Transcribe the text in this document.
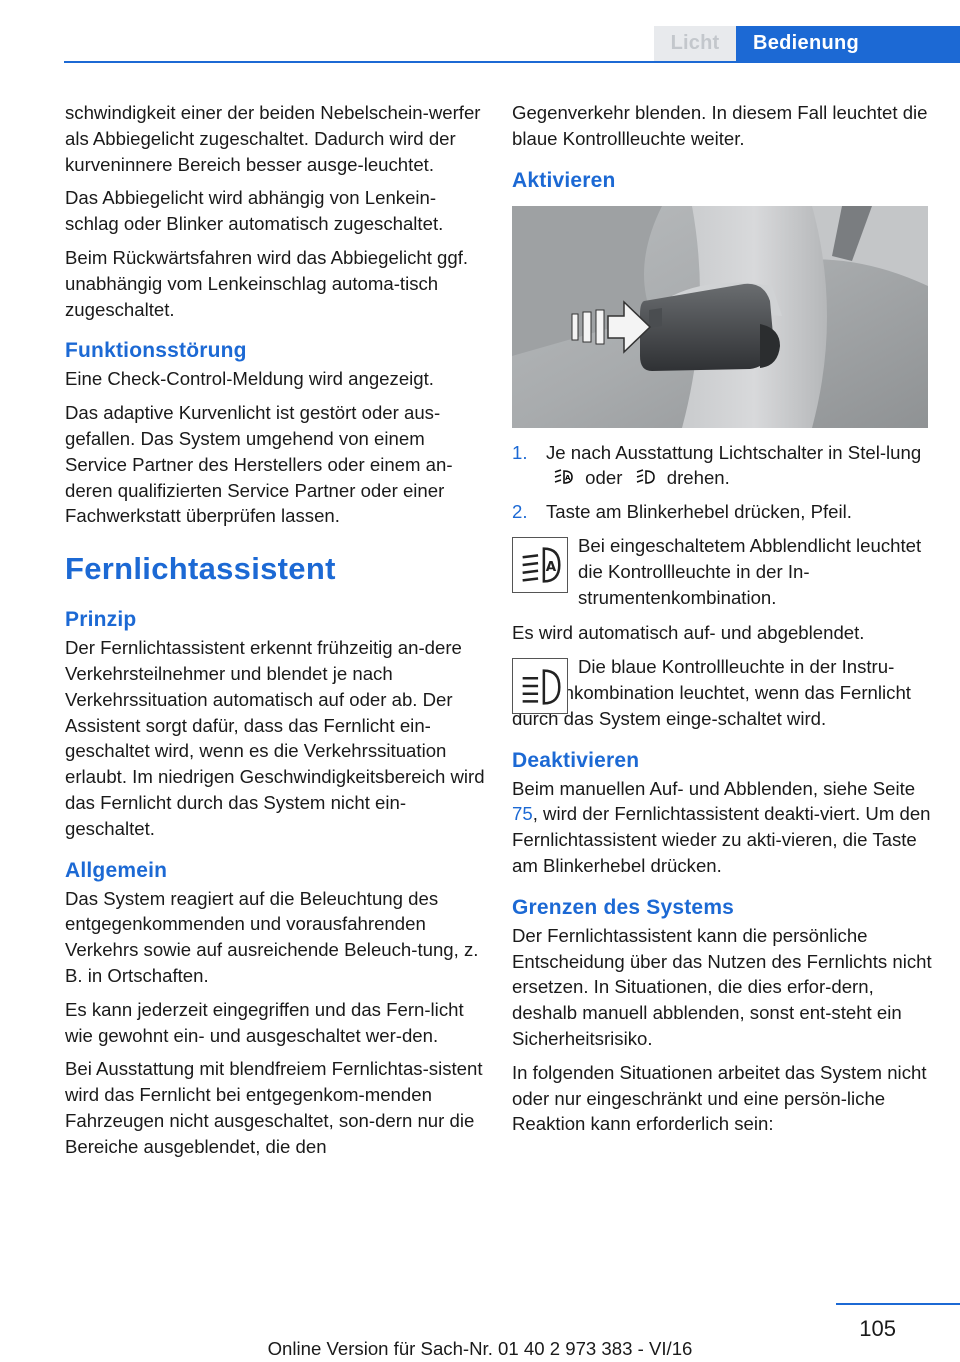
Licht	Bedienung

schwindigkeit einer der beiden Nebelschein‐werfer als Abbiegelicht zugeschaltet. Dadurch wird der kurveninnere Bereich besser ausge‐leuchtet.

Das Abbiegelicht wird abhängig von Lenkein‐schlag oder Blinker automatisch zugeschaltet.

Beim Rückwärtsfahren wird das Abbiegelicht ggf. unabhängig vom Lenkeinschlag automa‐tisch zugeschaltet.

Funktionsstörung

Eine Check-Control-Meldung wird angezeigt.

Das adaptive Kurvenlicht ist gestört oder aus‐gefallen. Das System umgehend von einem Service Partner des Herstellers oder einem an‐deren qualifizierten Service Partner oder einer Fachwerkstatt überprüfen lassen.

Fernlichtassistent
Prinzip

Der Fernlichtassistent erkennt frühzeitig an‐dere Verkehrsteilnehmer und blendet je nach Verkehrssituation automatisch auf oder ab. Der Assistent sorgt dafür, dass das Fernlicht ein‐geschaltet wird, wenn es die Verkehrssituation erlaubt. Im niedrigen Geschwindigkeitsbereich wird das Fernlicht durch das System nicht ein‐geschaltet.

Allgemein

Das System reagiert auf die Beleuchtung des entgegenkommenden und vorausfahrenden Verkehrs sowie auf ausreichende Beleuch‐tung, z. B. in Ortschaften.

Es kann jederzeit eingegriffen und das Fern‐licht wie gewohnt ein- und ausgeschaltet wer‐den.

Bei Ausstattung mit blendfreiem Fernlichtas‐sistent wird das Fernlicht bei entgegenkom‐menden Fahrzeugen nicht ausgeschaltet, son‐dern nur die Bereiche ausgeblendet, die den

Gegenverkehr blenden. In diesem Fall leuchtet die blaue Kontrollleuchte weiter.

Aktivieren
1. Je nach Ausstattung Lichtschalter in Stel‐lung
A oder drehen.
2. Taste am Blinkerhebel drücken, Pfeil.
A

Bei eingeschaltetem Abblendlicht leuchtet die Kontrollleuchte in der In‐strumentenkombination.

Es wird automatisch auf- und abgeblendet.

Die blaue Kontrollleuchte in der Instru‐mentenkombination leuchtet, wenn das Fernlicht durch das System einge‐schaltet wird.

Deaktivieren

Beim manuellen Auf- und Abblenden, siehe Seite 75, wird der Fernlichtassistent deakti‐viert. Um den Fernlichtassistent wieder zu akti‐vieren, die Taste am Blinkerhebel drücken.

Grenzen des Systems

Der Fernlichtassistent kann die persönliche Entscheidung über das Nutzen des Fernlichts nicht ersetzen. In Situationen, die dies erfor‐dern, deshalb manuell abblenden, sonst ent‐steht ein Sicherheitsrisiko.

In folgenden Situationen arbeitet das System nicht oder nur eingeschränkt und eine persön‐liche Reaktion kann erforderlich sein:

105
Online Version für Sach-Nr. 01 40 2 973 383 - VI/16
